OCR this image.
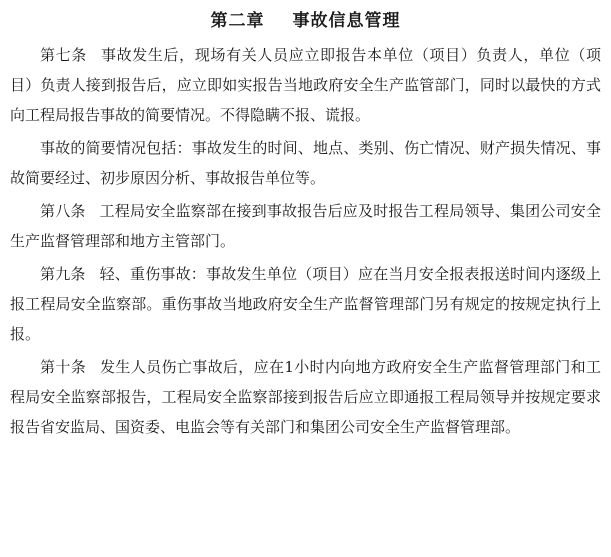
第二章 事故信息管理

第七条 事故发生后，现场有关人员应立即报告本单位（项目）负责人，单位（项目）负责人接到报告后，应立即如实报告当地政府安全生产监管部门，同时以最快的方式向工程局报告事故的简要情况。不得隐瞒不报、谎报。

事故的简要情况包括：事故发生的时间、地点、类别、伤亡情况、财产损失情况、事故简要经过、初步原因分析、事故报告单位等。

第八条 工程局安全监察部在接到事故报告后应及时报告工程局领导、集团公司安全生产监督管理部和地方主管部门。

第九条 轻、重伤事故：事故发生单位（项目）应在当月安全报表报送时间内逐级上报工程局安全监察部。重伤事故当地政府安全生产监督管理部门另有规定的按规定执行上报。

第十条 发生人员伤亡事故后，应在1小时内向地方政府安全生产监督管理部门和工程局安全监察部报告，工程局安全监察部接到报告后应立即通报工程局领导并按规定要求报告省安监局、国资委、电监会等有关部门和集团公司安全生产监督管理部。
